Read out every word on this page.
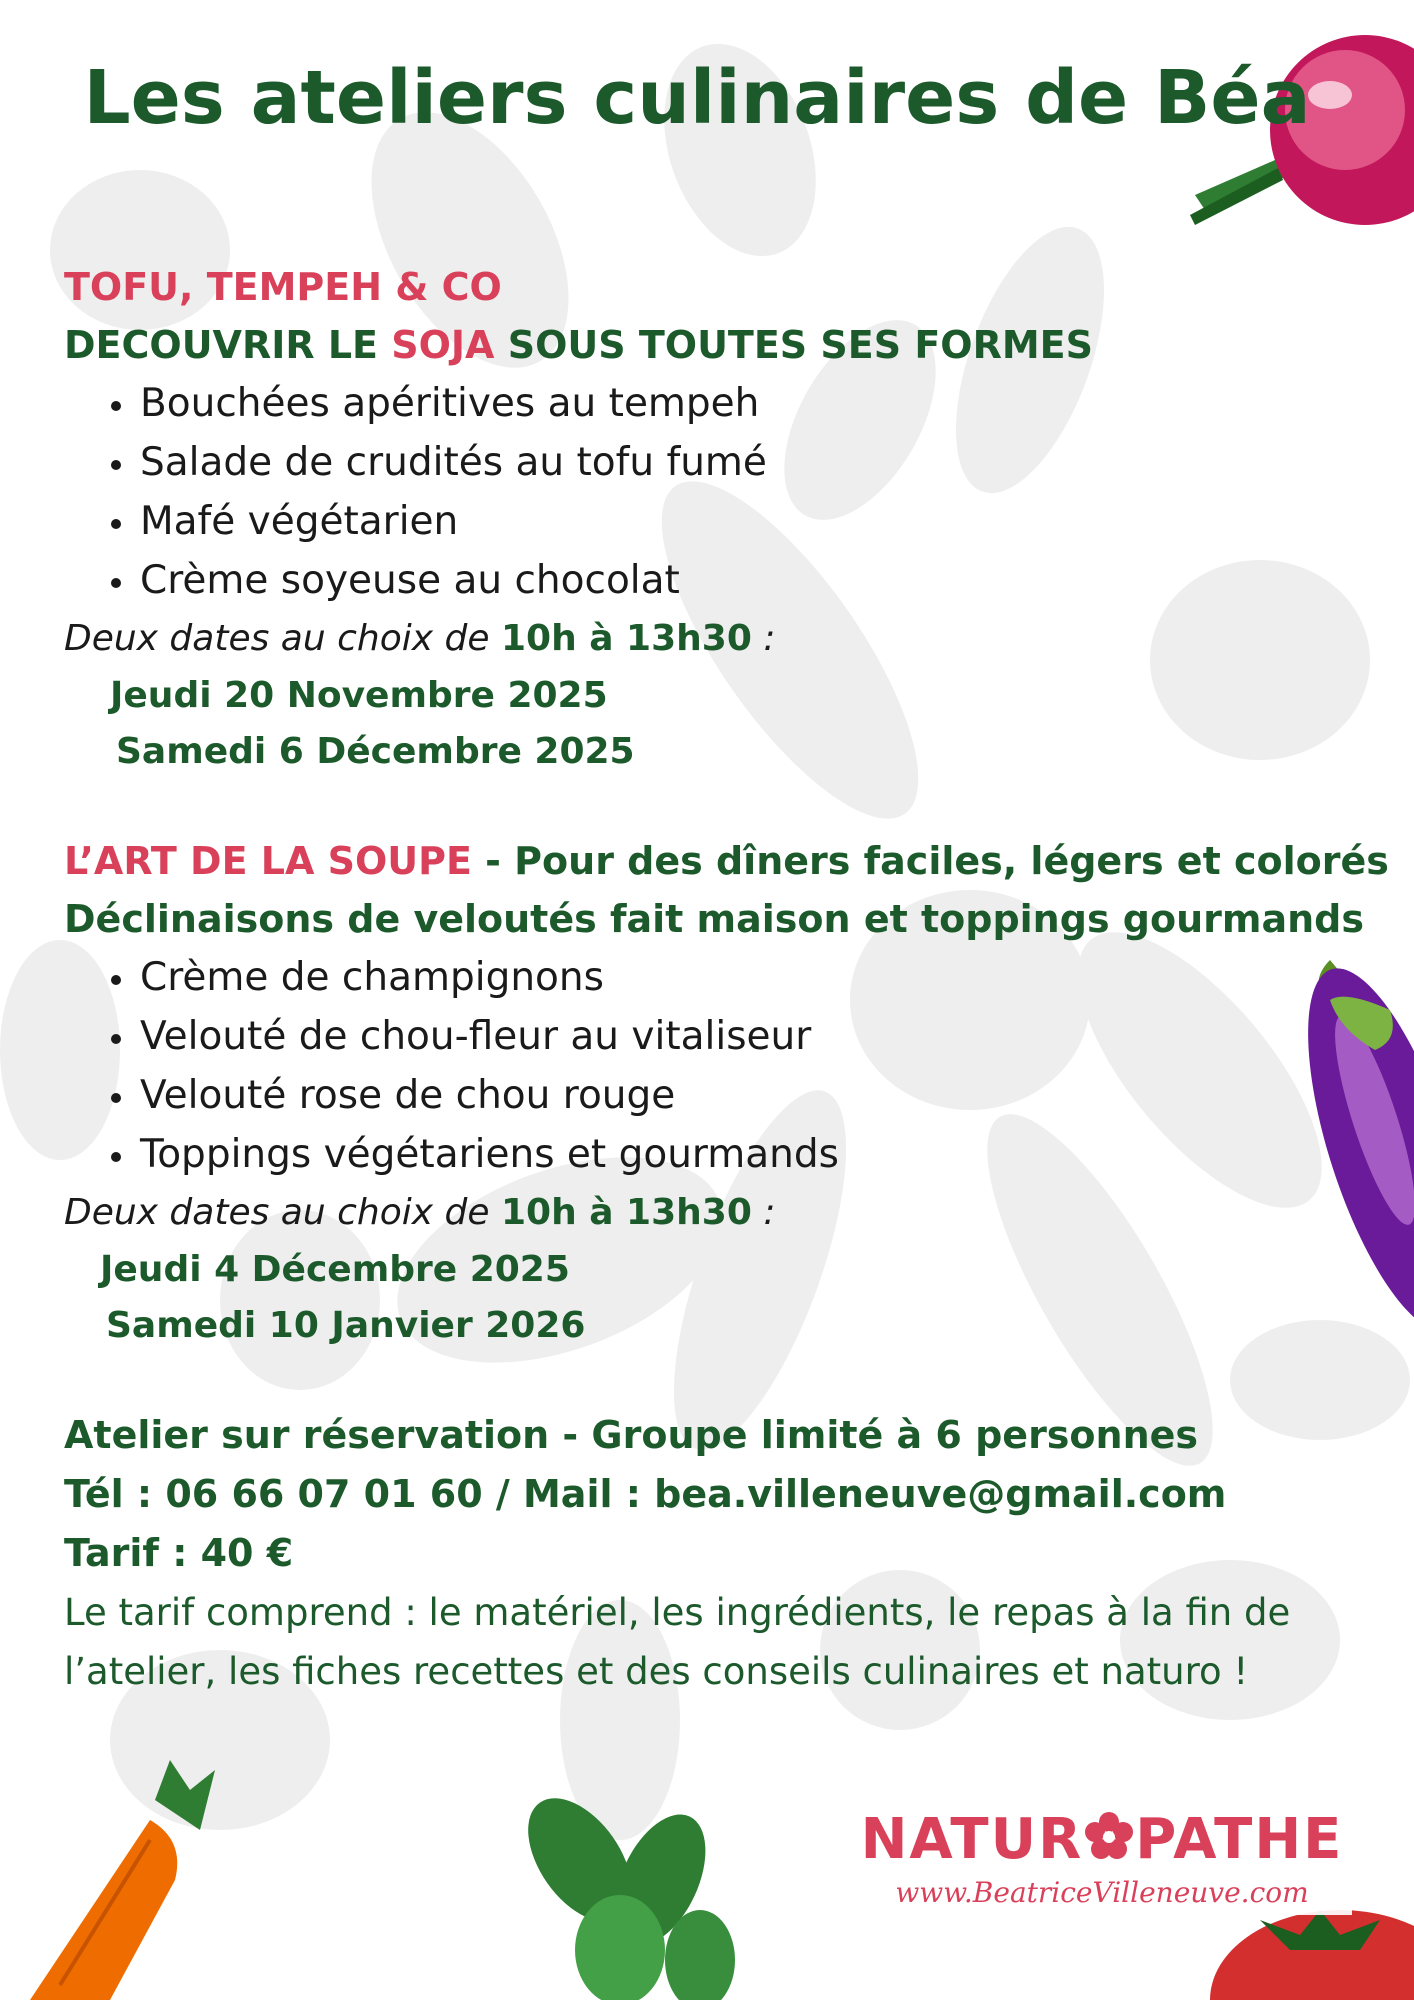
Les ateliers culinaires de Béa
TOFU, TEMPEH & CO
DECOUVRIR LE SOJA SOUS TOUTES SES FORMES
• Bouchées apéritives au tempeh
• Salade de crudités au tofu fumé
• Mafé végétarien
• Crème soyeuse au chocolat
Deux dates au choix de 10h à 13h30 :
Jeudi 20 Novembre 2025
Samedi 6 Décembre 2025
L’ART DE LA SOUPE - Pour des dîners faciles, légers et colorés
Déclinaisons de veloutés fait maison et toppings gourmands
• Crème de champignons
• Velouté de chou-fleur au vitaliseur
• Velouté rose de chou rouge
• Toppings végétariens et gourmands
Deux dates au choix de 10h à 13h30 :
Jeudi 4 Décembre 2025
Samedi 10 Janvier 2026
Atelier sur réservation - Groupe limité à 6 personnes
Tél : 06 66 07 01 60 / Mail : bea.villeneuve@gmail.com
Tarif : 40 €
Le tarif comprend : le matériel, les ingrédients, le repas à la fin de l’atelier, les fiches recettes et des conseils culinaires et naturo !
NATUR PATHE
www.BeatriceVilleneuve.com
